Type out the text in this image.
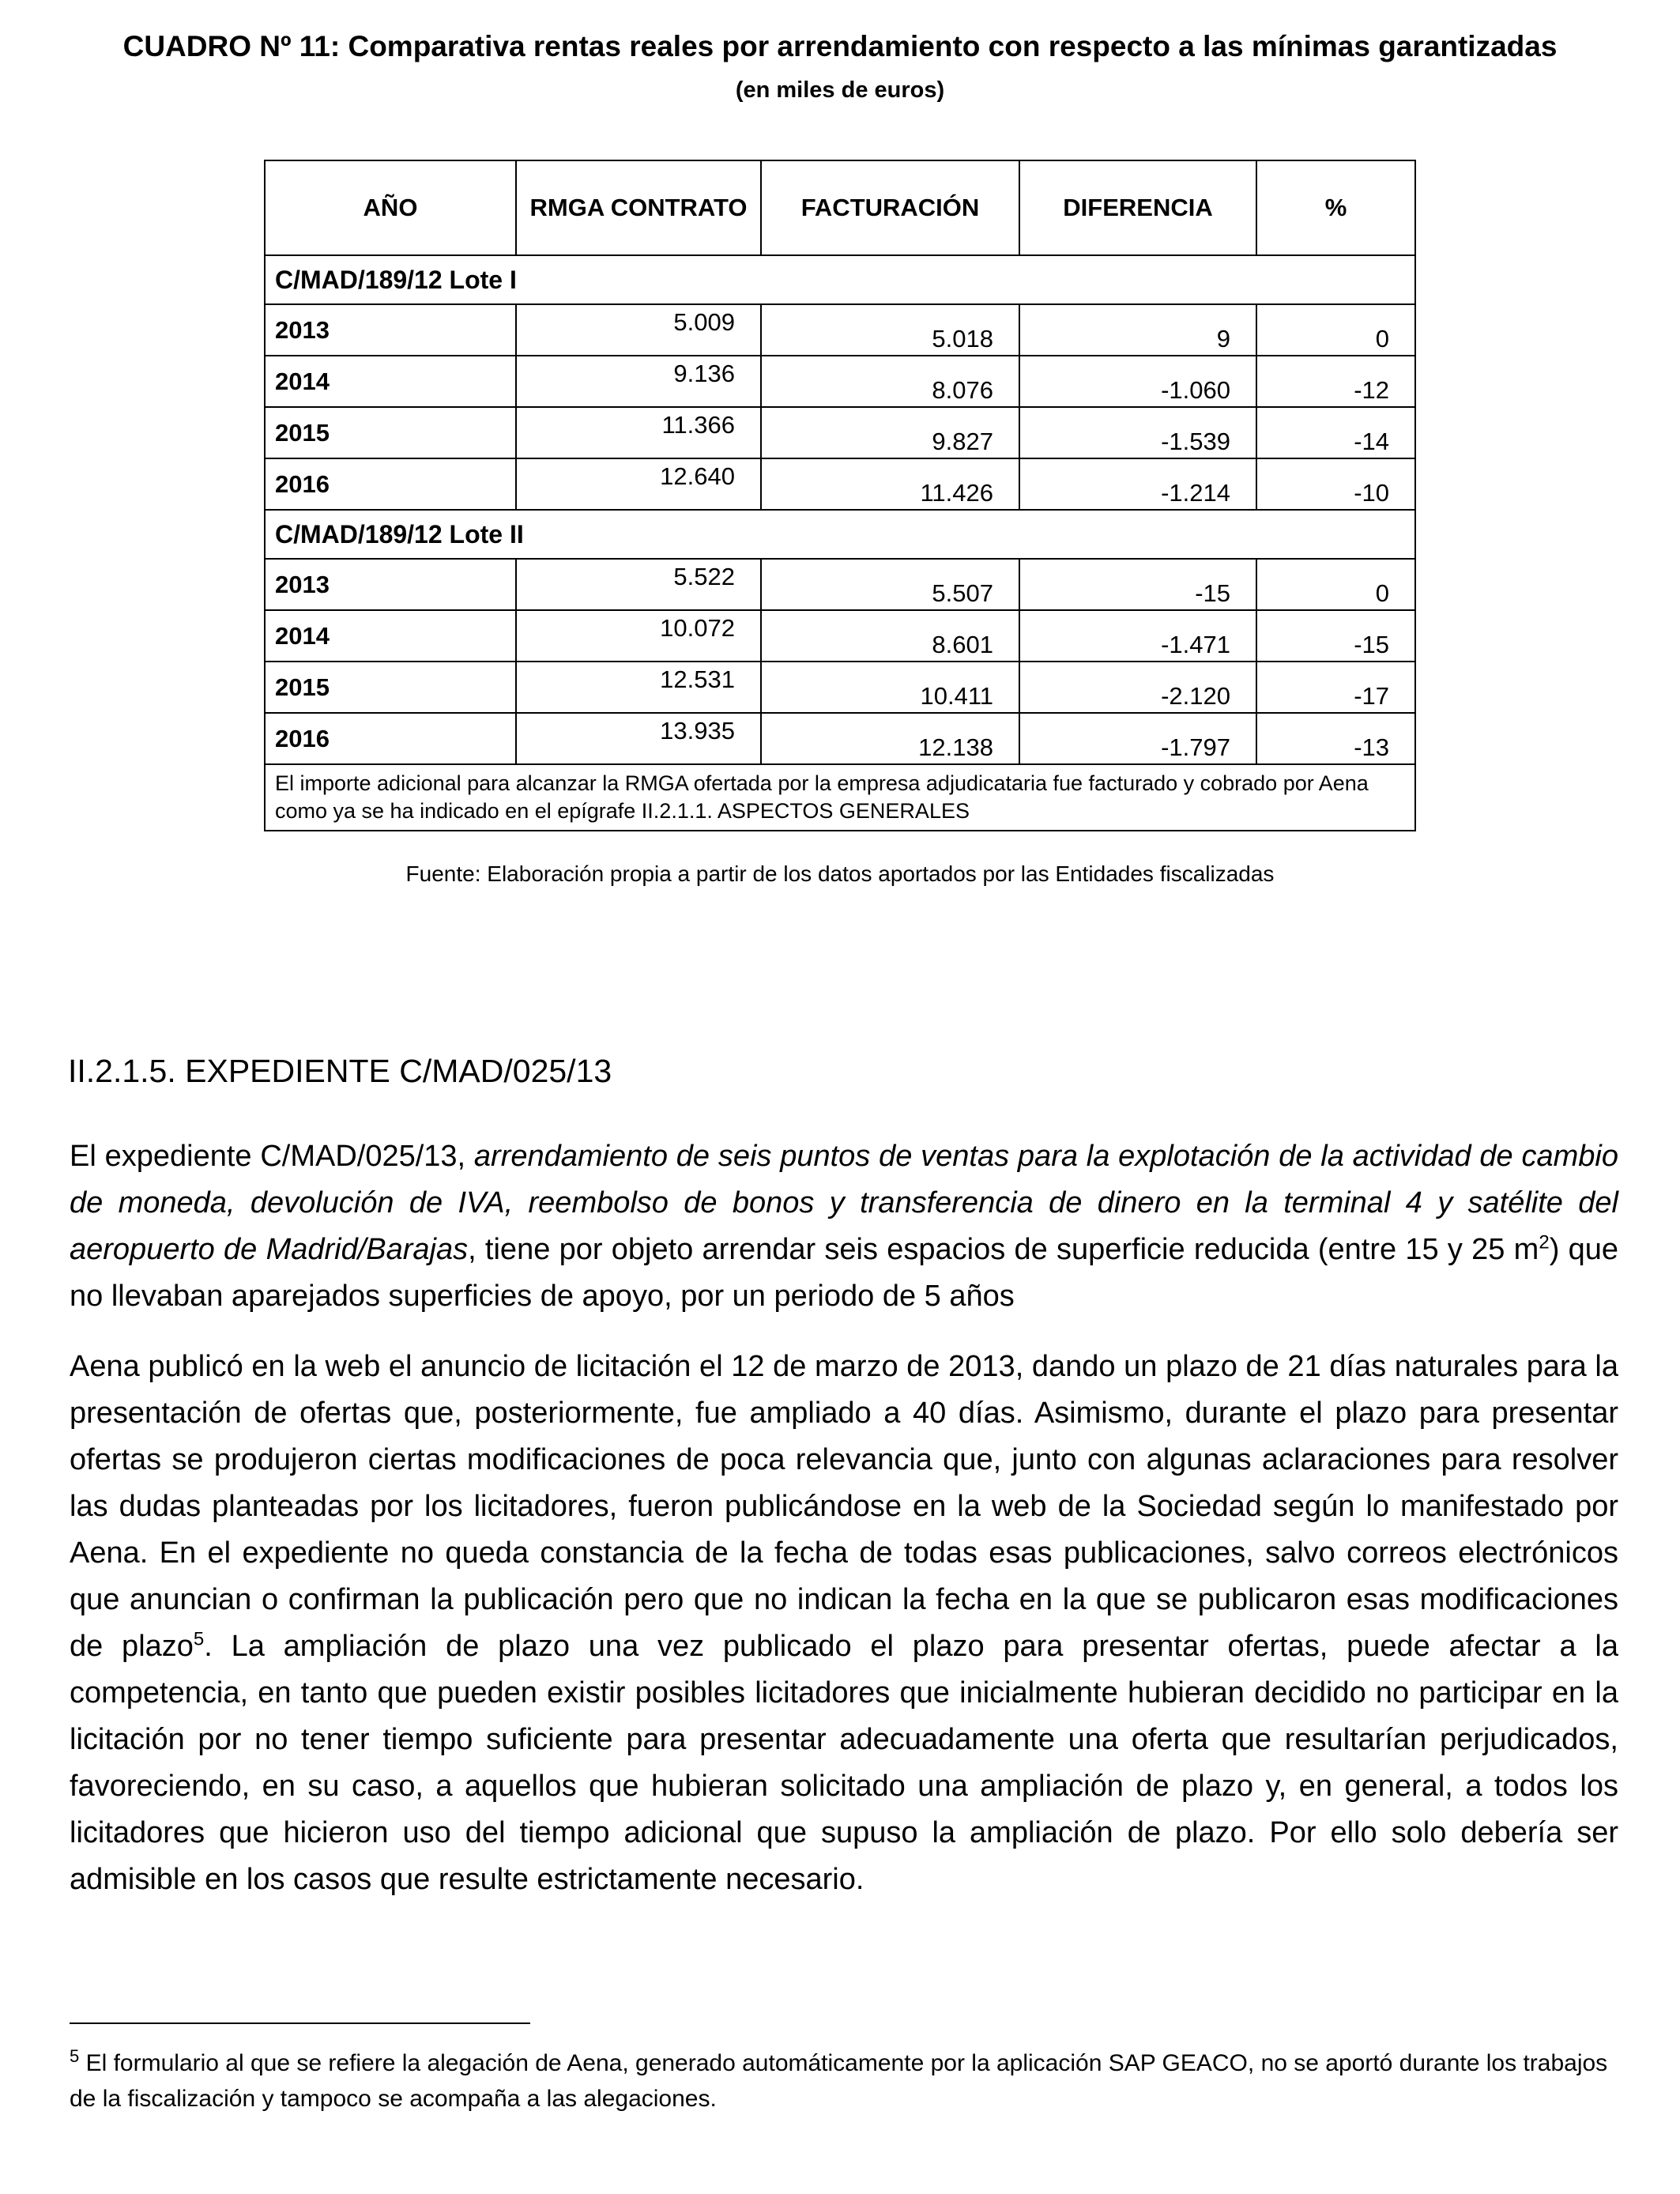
CUADRO Nº 11: Comparativa rentas reales por arrendamiento con respecto a las mínimas garantizadas
(en miles de euros)
AÑO	RMGA CONTRATO	FACTURACIÓN	DIFERENCIA	%
C/MAD/189/12 Lote I				
2013	5.009	5.018	9	0
2014	9.136	8.076	-1.060	-12
2015	11.366	9.827	-1.539	-14
2016	12.640	11.426	-1.214	-10
C/MAD/189/12 Lote II				
2013	5.522	5.507	-15	0
2014	10.072	8.601	-1.471	-15
2015	12.531	10.411	-2.120	-17
2016	13.935	12.138	-1.797	-13
El importe adicional para alcanzar la RMGA ofertada por la empresa adjudicataria fue facturado y cobrado por Aena como ya se ha indicado en el epígrafe II.2.1.1. ASPECTOS GENERALES				
Fuente: Elaboración propia a partir de los datos aportados por las Entidades fiscalizadas
II.2.1.5. EXPEDIENTE C/MAD/025/13
El expediente C/MAD/025/13, arrendamiento de seis puntos de ventas para la explotación de la actividad de cambio de moneda, devolución de IVA, reembolso de bonos y transferencia de dinero en la terminal 4 y satélite del aeropuerto de Madrid/Barajas, tiene por objeto arrendar seis espacios de superficie reducida (entre 15 y 25 $m^2$) que no llevaban aparejados superficies de apoyo, por un periodo de 5 años
Aena publicó en la web el anuncio de licitación el 12 de marzo de 2013, dando un plazo de 21 días naturales para la presentación de ofertas que, posteriormente, fue ampliado a 40 días. Asimismo, durante el plazo para presentar ofertas se produjeron ciertas modificaciones de poca relevancia que, junto con algunas aclaraciones para resolver las dudas planteadas por los licitadores, fueron publicándose en la web de la Sociedad según lo manifestado por Aena. En el expediente no queda constancia de la fecha de todas esas publicaciones, salvo correos electrónicos que anuncian o confirman la publicación pero que no indican la fecha en la que se publicaron esas modificaciones de plazo$^5$. La ampliación de plazo una vez publicado el plazo para presentar ofertas, puede afectar a la competencia, en tanto que pueden existir posibles licitadores que inicialmente hubieran decidido no participar en la licitación por no tener tiempo suficiente para presentar adecuadamente una oferta que resultarían perjudicados, favoreciendo, en su caso, a aquellos que hubieran solicitado una ampliación de plazo y, en general, a todos los licitadores que hicieron uso del tiempo adicional que supuso la ampliación de plazo. Por ello solo debería ser admisible en los casos que resulte estrictamente necesario.
$^5$ El formulario al que se refiere la alegación de Aena, generado automáticamente por la aplicación SAP GEACO, no se aportó durante los trabajos de la fiscalización y tampoco se acompaña a las alegaciones.
